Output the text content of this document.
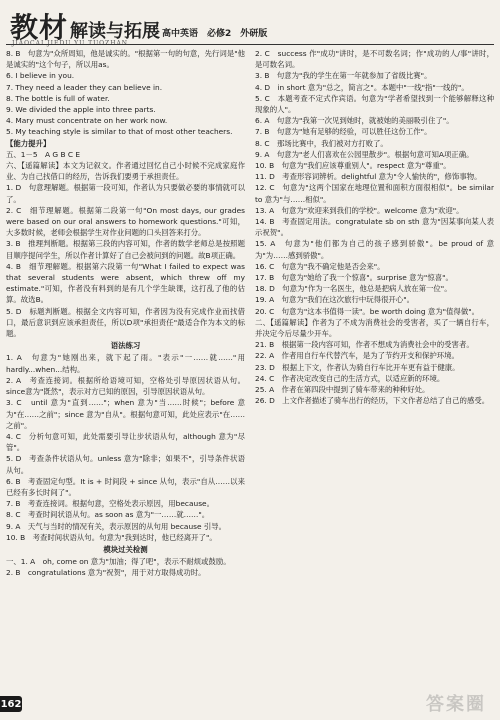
教材 解读与拓展 高中英语　必修2　外研版

8. B　句意为"众所周知，他是诚实的。"根据第一句的句意，先行词是"他是诚实的"这个句子，所以用as。

6. I believe in you.

7. They need a leader they can believe in.

8. The bottle is full of water.

9. We divided the apple into three parts.

4. Mary must concentrate on her work now.

5. My teaching style is similar to that of most other teachers.

【能力提升】

五、1－5　A G B C E

六、【遥篇解读】本文为记叙文。作者通过回忆自己小时候不完成家庭作业、为自己找借口的经历，告诉我们要勇于承担责任。

1. D　句意理解题。根据第一段可知，作者认为只要做必要的事情就可以了。

2. C　细节理解题。根据第二段第一句"On most days, our grades were based on our oral answers to homework questions."可知，大多数时候，老师会根据学生对作业问题的口头回答来打分。

3. B　推理判断题。根据第三段的内容可知，作者的数学老师总是按照题目顺序提问学生，所以作者计算好了自己会被问到的问题。故B项正确。

4. B　细节理解题。根据第六段第一句"What I failed to expect was that several students were absent, which threw off my estimate."可知，作者没有料到的是有几个学生缺课，这打乱了他的估算。故选B。

5. D　标题判断题。根据全文内容可知，作者因为没有完成作业而找借口，最后意识到应该承担责任，所以D项"承担责任"最适合作为本文的标题。

语法练习

1. A　句意为"她刚出来，就下起了雨。"表示"一……就……"用hardly...when...结构。

2. A　考查连接词。根据所给语境可知，空格处引导原因状语从句。since意为"既然"，表示对方已知的原因，引导原因状语从句。

3. C　until 意为"直到……"；when 意为"当……时候"；before 意为"在……之前"；since 意为"自从"。根据句意可知，此处应表示"在……之前"。

4. C　分析句意可知，此处需要引导让步状语从句，although 意为"尽管"。

5. D　考查条件状语从句。unless 意为"除非；如果不"，引导条件状语从句。

6. B　考查固定句型。It is + 时间段 + since 从句，表示"自从……以来已经有多长时间了"。

7. B　考查连接词。根据句意，空格处表示原因，用because。

8. C　考查时间状语从句。as soon as 意为"一……就……"。

9. A　天气与当时的情况有关，表示原因的从句用 because 引导。

10. B　考查时间状语从句。句意为"我到达时，他已经离开了"。

模块过关检测

一、1. A　oh, come on 意为"加油；得了吧"，表示不耐烦或鼓励。

2. B　congratulations 意为"祝贺"，用于对方取得成功时。

2. C　success 作"成功"讲时，是不可数名词；作"成功的人/事"讲时，是可数名词。

3. B　句意为"我的学生在第一年就参加了省级比赛"。

4. D　in short 意为"总之，简言之"。本题中"一线"指"一线的"。

5. C　本题考查不定式作宾语。句意为"学者希望找到一个能够解释这种现象的人"。

6. A　句意为"我第一次见到她时，就被她的美丽吸引住了"。

7. B　句意为"她有足够的经验，可以胜任这份工作"。

8. C　那场比赛中，我们被对方打败了。

9. A　句意为"老人们喜欢在公园里散步"。根据句意可知A项正确。

10. B　句意为"我们应该尊重别人"。respect 意为"尊重"。

11. D　考查形容词辨析。delightful 意为"令人愉快的"，修饰事物。

12. C　句意为"这两个国家在地理位置和面积方面很相似"。be similar to 意为"与……相似"。

13. A　句意为"欢迎来到我们的学校"。welcome 意为"欢迎"。

14. B　考查固定用法。congratulate sb on sth 意为"因某事向某人表示祝贺"。

15. A　句意为"他们都为自己的孩子感到骄傲"。be proud of 意为"为……感到骄傲"。

16. C　句意为"我不确定他是否会来"。

17. B　句意为"她给了我一个惊喜"。surprise 意为"惊喜"。

18. D　句意为"作为一名医生，他总是把病人放在第一位"。

19. A　句意为"我们在这次旅行中玩得很开心"。

20. C　句意为"这本书值得一读"。be worth doing 意为"值得做"。

二、【遥篇解读】作者为了不成为消费社会的受害者，买了一辆自行车，并决定今后尽量少开车。

21. B　根据第一段内容可知，作者不想成为消费社会中的受害者。

22. A　作者用自行车代替汽车，是为了节约开支和保护环境。

23. D　根据上下文，作者认为骑自行车比开车更有益于健康。

24. C　作者决定改变自己的生活方式，以适应新的环境。

25. A　作者在第四段中提到了骑车带来的种种好处。

26. D　上文作者描述了骑车出行的经历，下文作者总结了自己的感受。

162	答案圈
